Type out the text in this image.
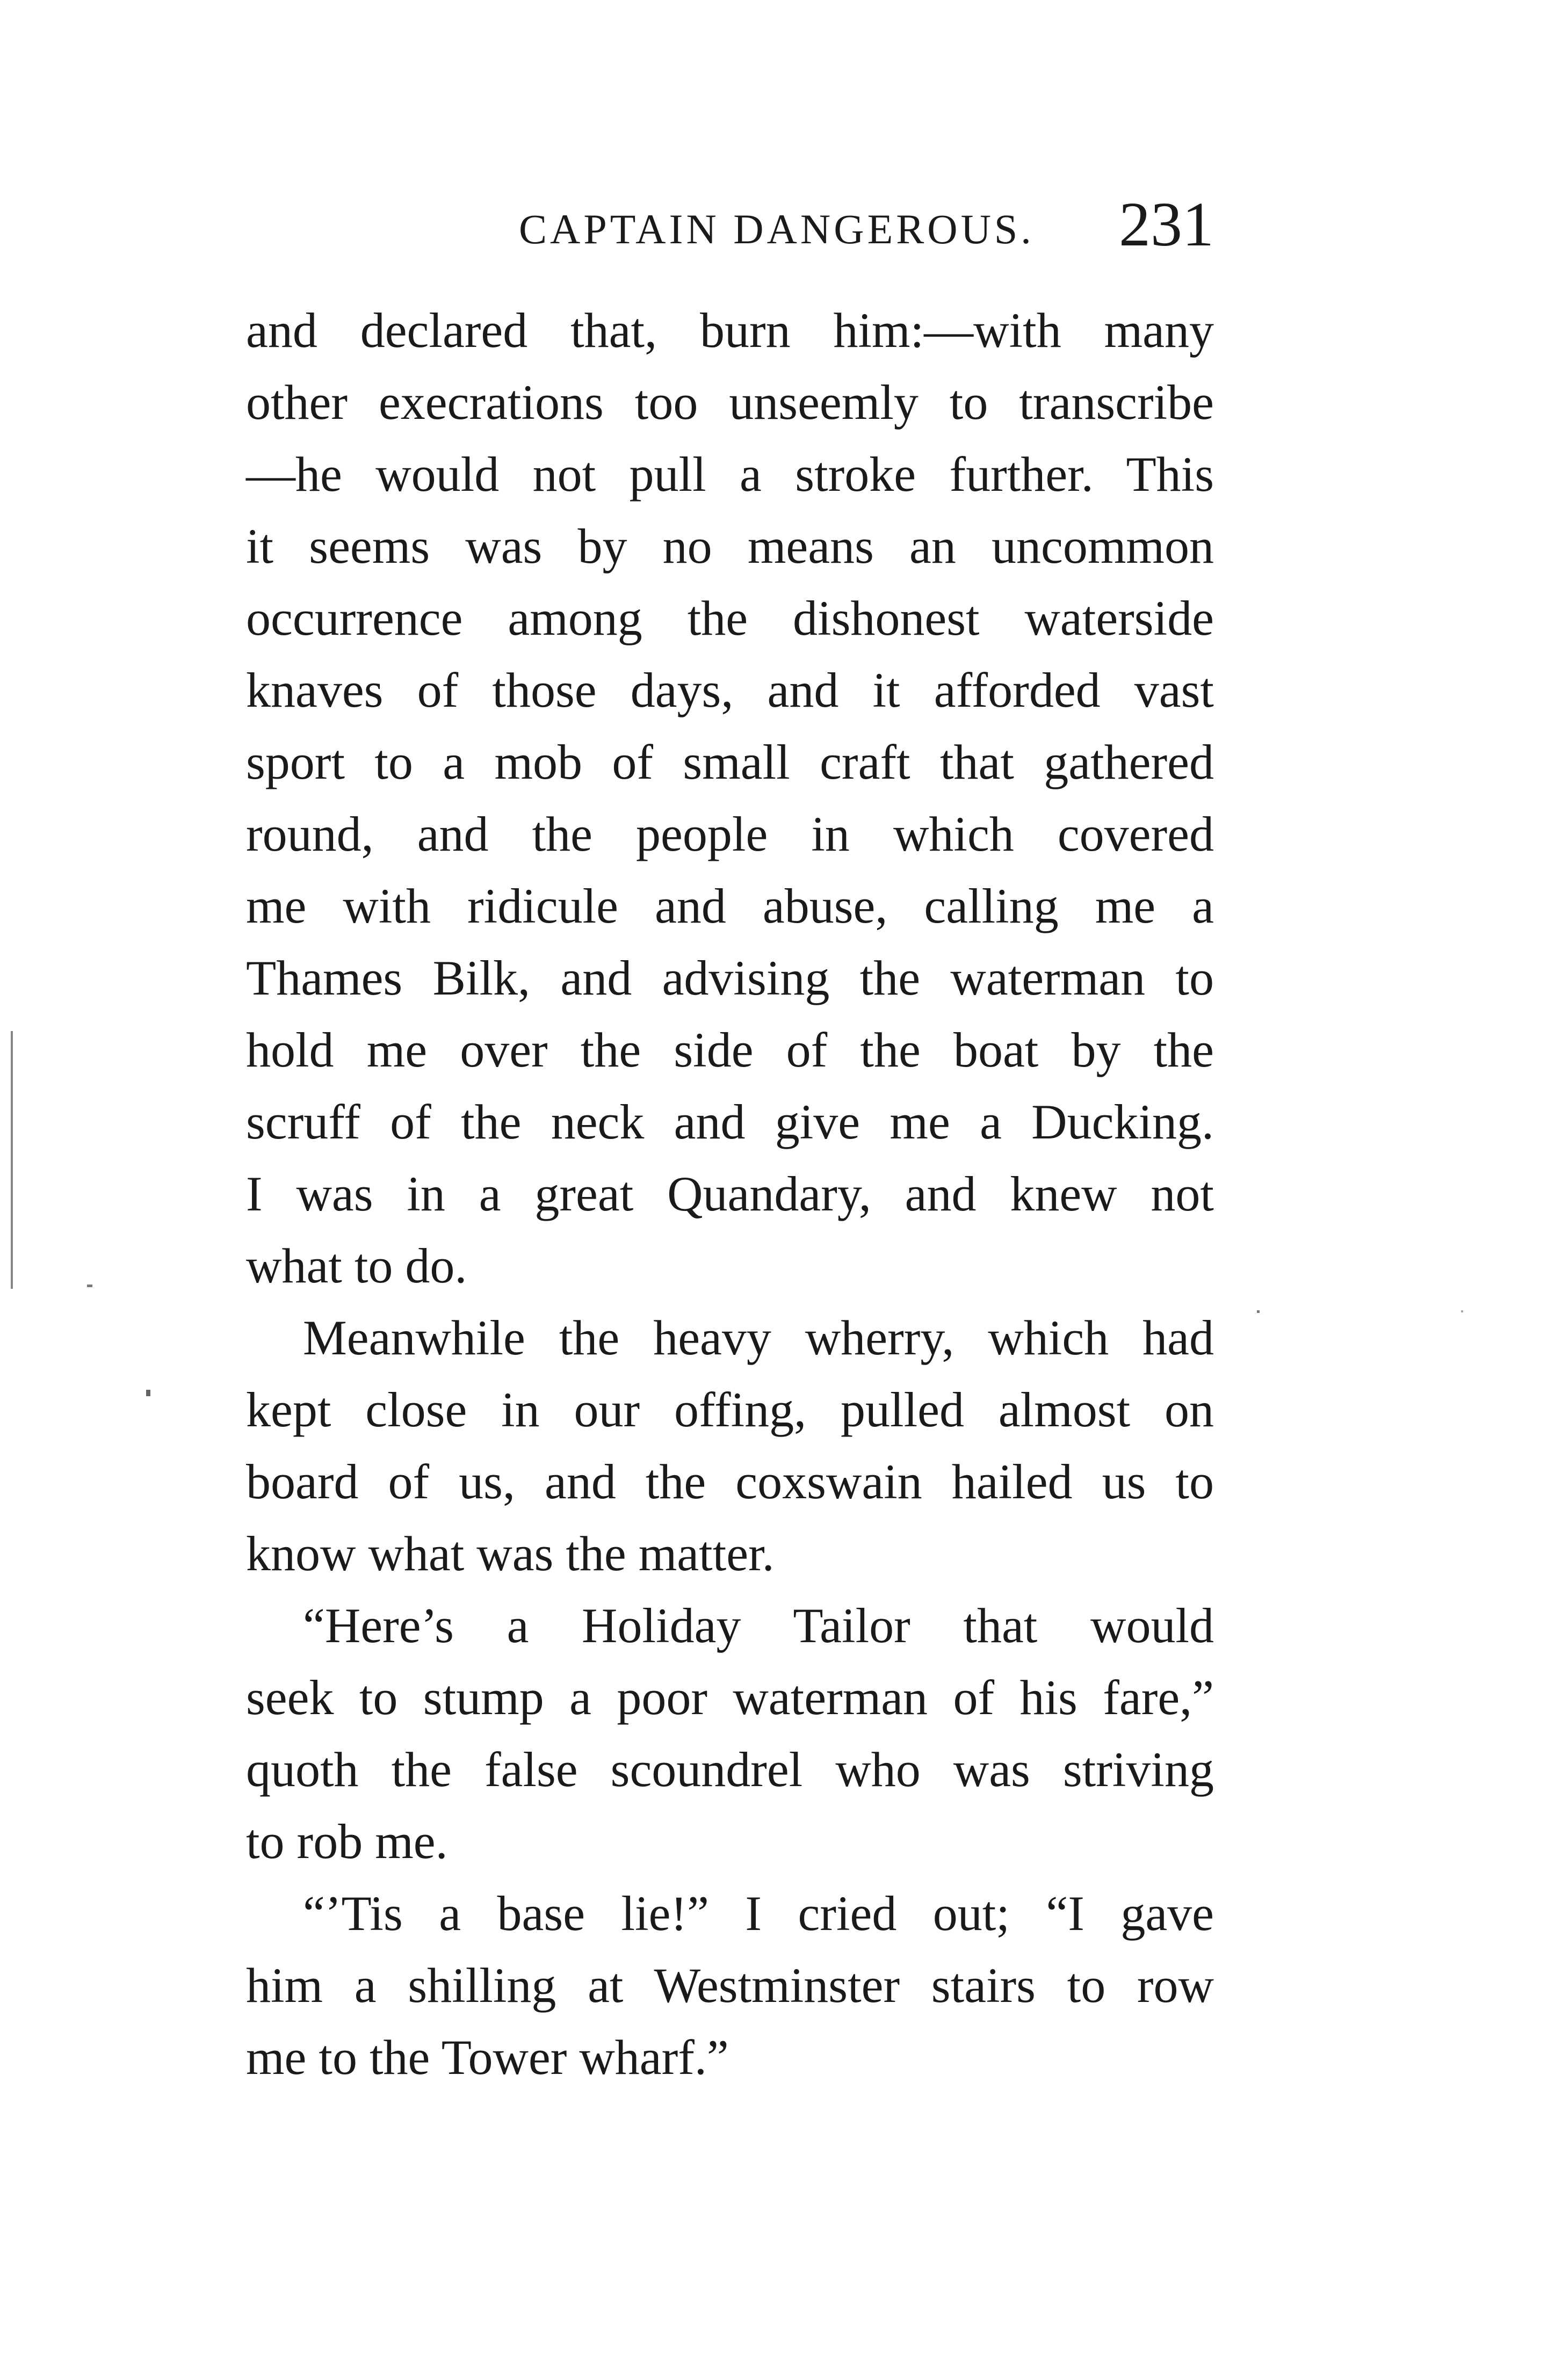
CAPTAIN DANGEROUS. 231
and declared that, burn him:—with many
other execrations too unseemly to transcribe
—he would not pull a stroke further. This
it seems was by no means an uncommon
occurrence among the dishonest waterside
knaves of those days, and it afforded vast
sport to a mob of small craft that gathered
round, and the people in which covered
me with ridicule and abuse, calling me a
Thames Bilk, and advising the waterman to
hold me over the side of the boat by the
scruff of the neck and give me a Ducking.
I was in a great Quandary, and knew not
what to do.
Meanwhile the heavy wherry, which had
kept close in our offing, pulled almost on
board of us, and the coxswain hailed us to
know what was the matter.
“Here’s a Holiday Tailor that would
seek to stump a poor waterman of his fare,”
quoth the false scoundrel who was striving
to rob me.
“’Tis a base lie!” I cried out; “I gave
him a shilling at Westminster stairs to row
me to the Tower wharf.”
